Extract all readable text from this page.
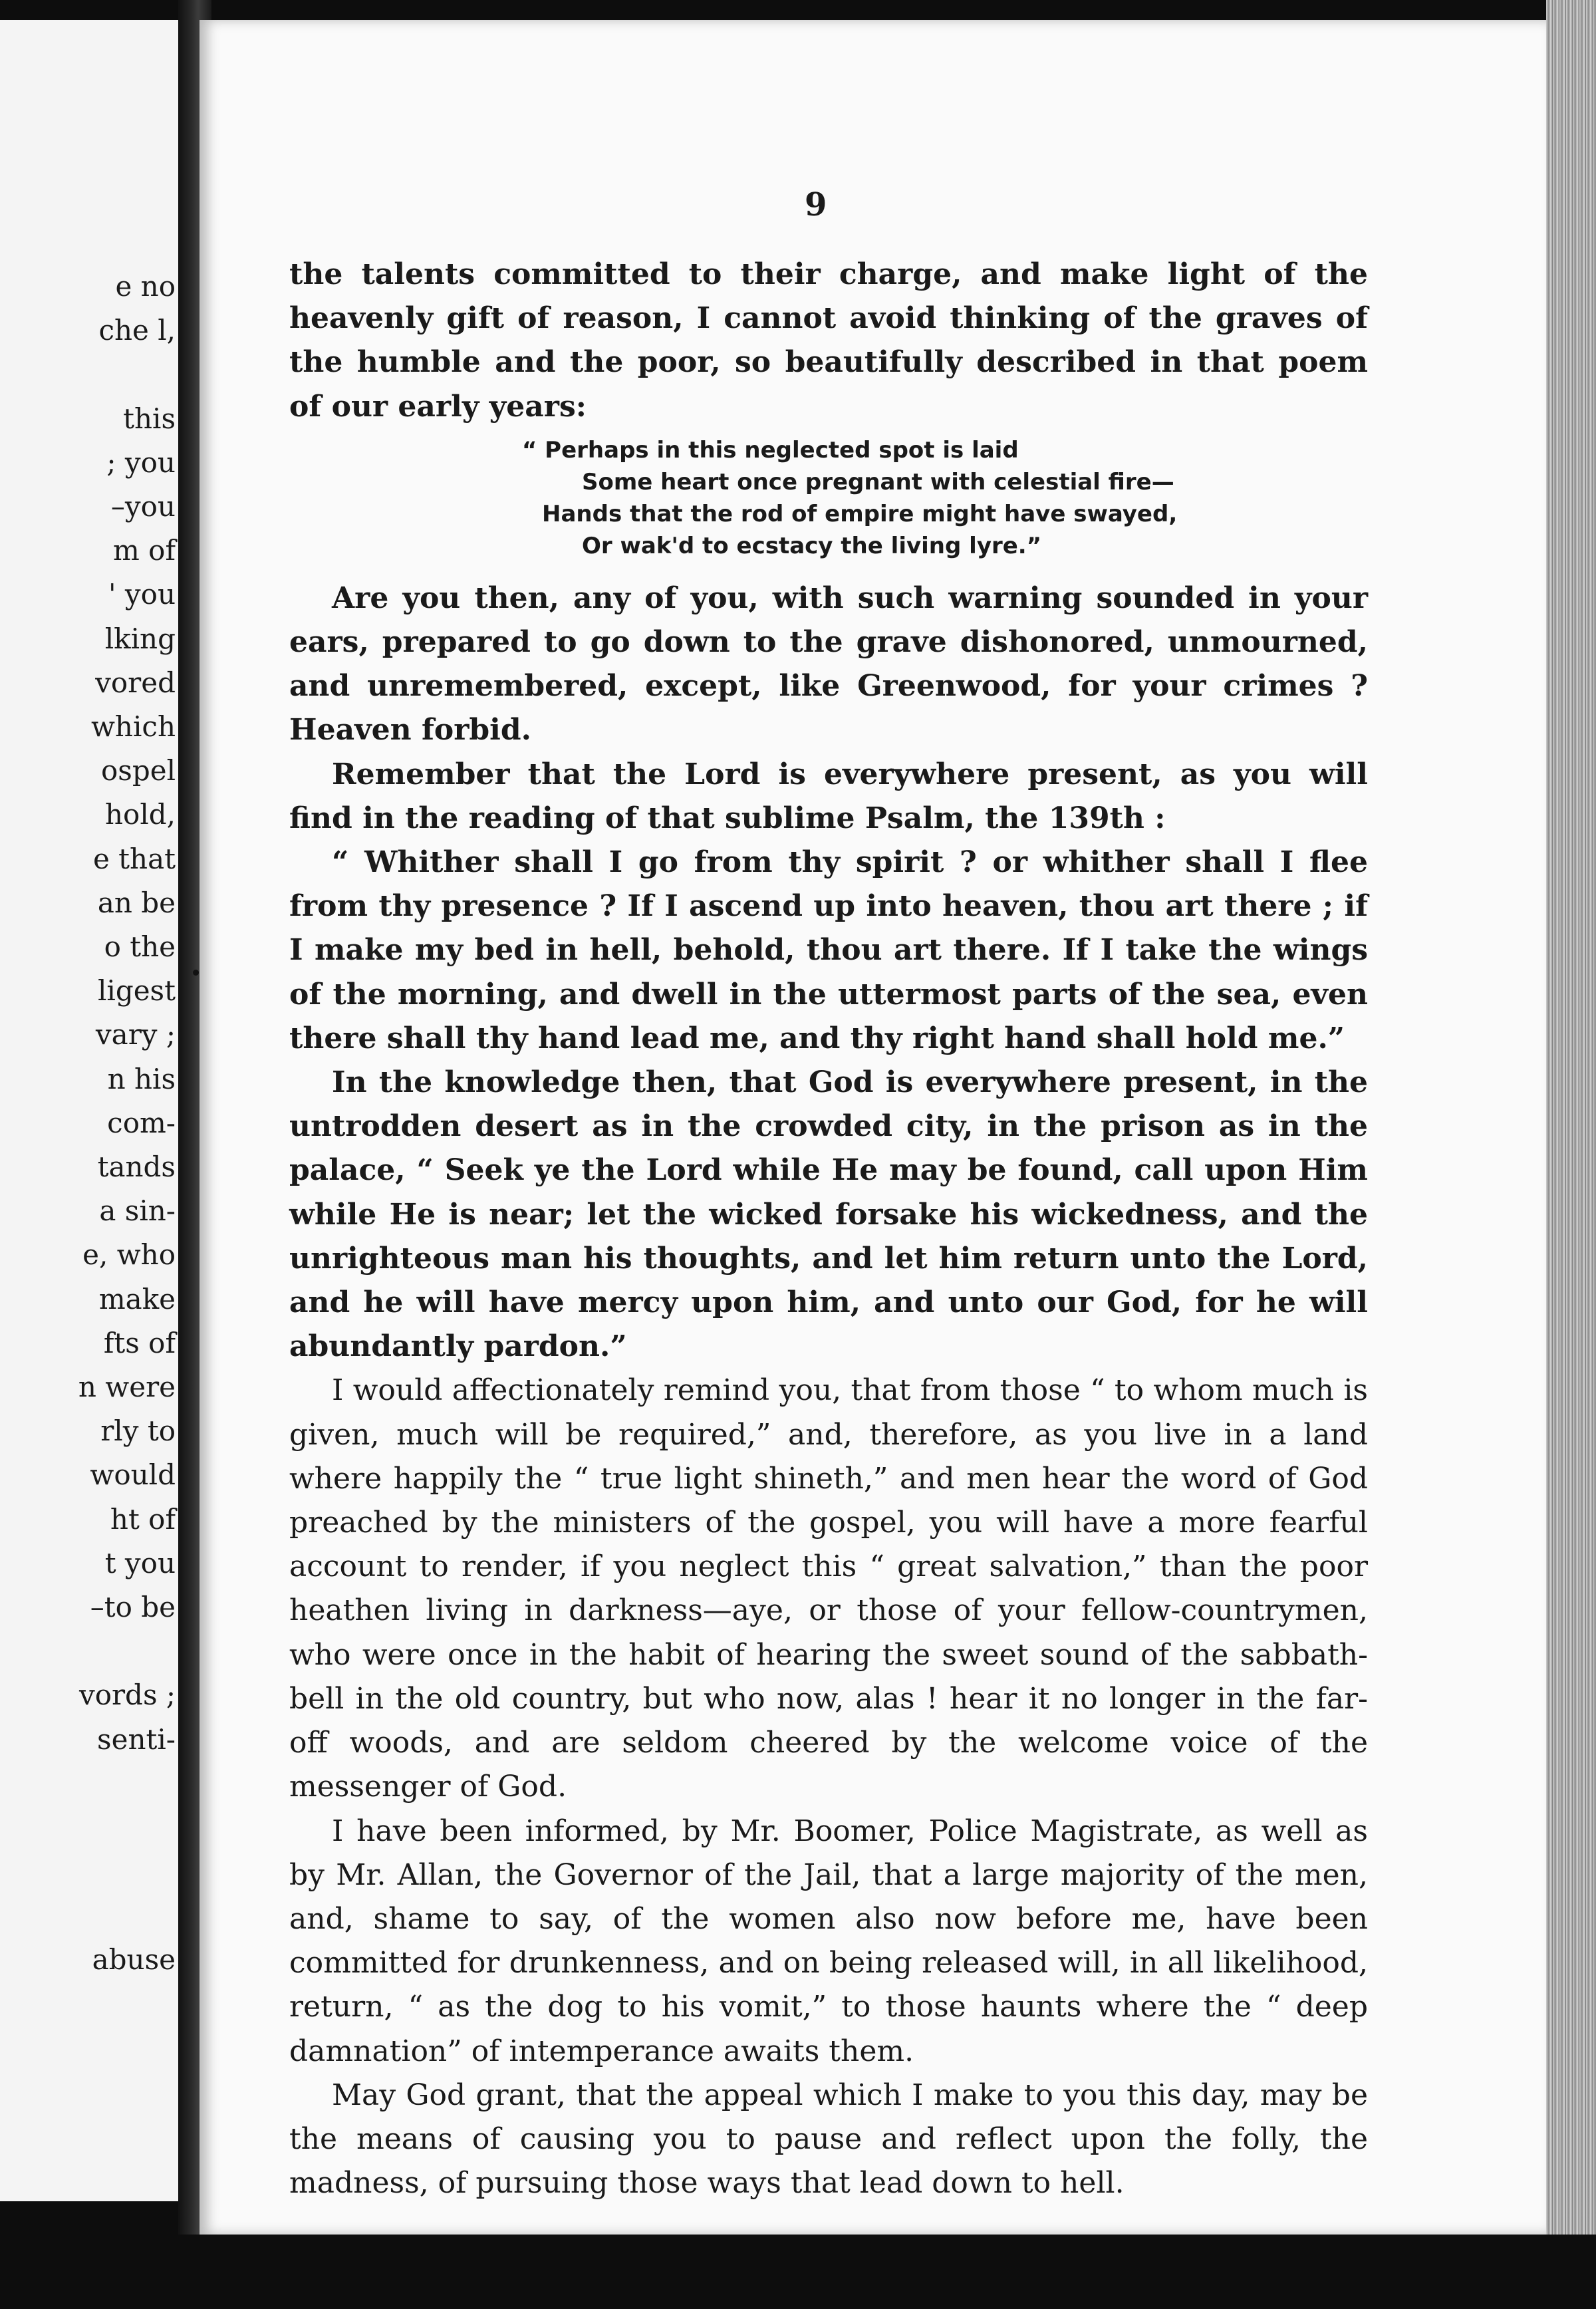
e no
che l,
this
; you
–you
m of
' you
lking
vored
which
ospel
hold,
e that
an be
o the
ligest
vary ;
n his
com-
tands
a sin-
e, who
make
fts of
n were
rly to
would
ht of
t you
–to be
vords ;
senti-
abuse
9

the talents committed to their charge, and make light of the heavenly gift of reason, I cannot avoid thinking of the graves of the humble and the poor, so beautifully described in that poem of our early years:

“ Perhaps in this neglected spot is laid
Some heart once pregnant with celestial fire—
Hands that the rod of empire might have swayed,
Or wak'd to ecstacy the living lyre.”

Are you then, any of you, with such warning sounded in your ears, prepared to go down to the grave dishonored, unmourned, and unremembered, except, like Greenwood, for your crimes ? Heaven forbid.

Remember that the Lord is everywhere present, as you will find in the reading of that sublime Psalm, the 139th :

“ Whither shall I go from thy spirit ? or whither shall I flee from thy presence ? If I ascend up into heaven, thou art there ; if I make my bed in hell, behold, thou art there. If I take the wings of the morning, and dwell in the uttermost parts of the sea, even there shall thy hand lead me, and thy right hand shall hold me.”

In the knowledge then, that God is everywhere present, in the untrodden desert as in the crowded city, in the prison as in the palace, “ Seek ye the Lord while He may be found, call upon Him while He is near; let the wicked forsake his wickedness, and the unrighteous man his thoughts, and let him return unto the Lord, and he will have mercy upon him, and unto our God, for he will abundantly pardon.”

I would affectionately remind you, that from those “ to whom much is given, much will be required,” and, therefore, as you live in a land where happily the “ true light shineth,” and men hear the word of God preached by the ministers of the gospel, you will have a more fearful account to render, if you neglect this “ great salvation,” than the poor heathen living in darkness—aye, or those of your fellow-countrymen, who were once in the habit of hearing the sweet sound of the sabbath-bell in the old country, but who now, alas ! hear it no longer in the far-off woods, and are seldom cheered by the welcome voice of the messenger of God.

I have been informed, by Mr. Boomer, Police Magistrate, as well as by Mr. Allan, the Governor of the Jail, that a large majority of the men, and, shame to say, of the women also now before me, have been committed for drunkenness, and on being released will, in all likelihood, return, “ as the dog to his vomit,” to those haunts where the “ deep damnation” of intemperance awaits them.

May God grant, that the appeal which I make to you this day, may be the means of causing you to pause and reflect upon the folly, the madness, of pursuing those ways that lead down to hell.
